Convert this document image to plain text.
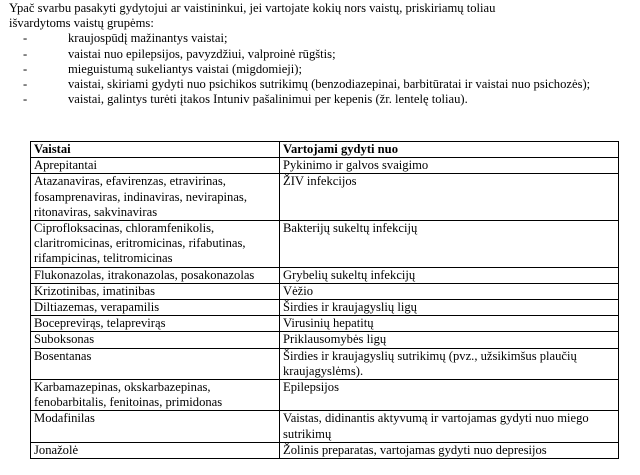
Ypač svarbu pasakyti gydytojui ar vaistininkui, jei vartojate kokių nors vaistų, priskiriamų toliau

išvardytoms vaistų grupėms:

-	kraujospūdį mažinantys vaistai;
-	vaistai nuo epilepsijos, pavyzdžiui, valproinė rūgštis;
-	mieguistumą sukeliantys vaistai (migdomieji);
-	vaistai, skiriami gydyti nuo psichikos sutrikimų (benzodiazepinai, barbitūratai ir vaistai nuo psichozės);
-	vaistai, galintys turėti įtakos Intuniv pašalinimui per kepenis (žr. lentelę toliau).
Vaistai	Vartojami gydyti nuo
Aprepitantai	Pykinimo ir galvos svaigimo
Atazanaviras, efavirenzas, etravirinas, fosamprenaviras, indinaviras, nevirapinas, ritonaviras, sakvinaviras	ŽIV infekcijos
Ciprofloksacinas, chloramfenikolis, claritromicinas, eritromicinas, rifabutinas, rifampicinas, telitromicinas	Bakterijų sukeltų infekcijų
Flukonazolas, itrakonazolas, posakonazolas	Grybelių sukeltų infekcijų
Krizotinibas, imatinibas	Vėžio
Diltiazemas, verapamilis	Širdies ir kraujagyslių ligų
Boceprevirąs, telaprevirąs	Virusinių hepatitų
Suboksonas	Priklausomybės ligų
Bosentanas	Širdies ir kraujagyslių sutrikimų (pvz., užsikimšus plaučių kraujagyslėms).
Karbamazepinas, okskarbazepinas, fenobarbitalis, fenitoinas, primidonas	Epilepsijos
Modafinilas	Vaistas, didinantis aktyvumą ir vartojamas gydyti nuo miego sutrikimų
Jonažolė	Žolinis preparatas, vartojamas gydyti nuo depresijos
